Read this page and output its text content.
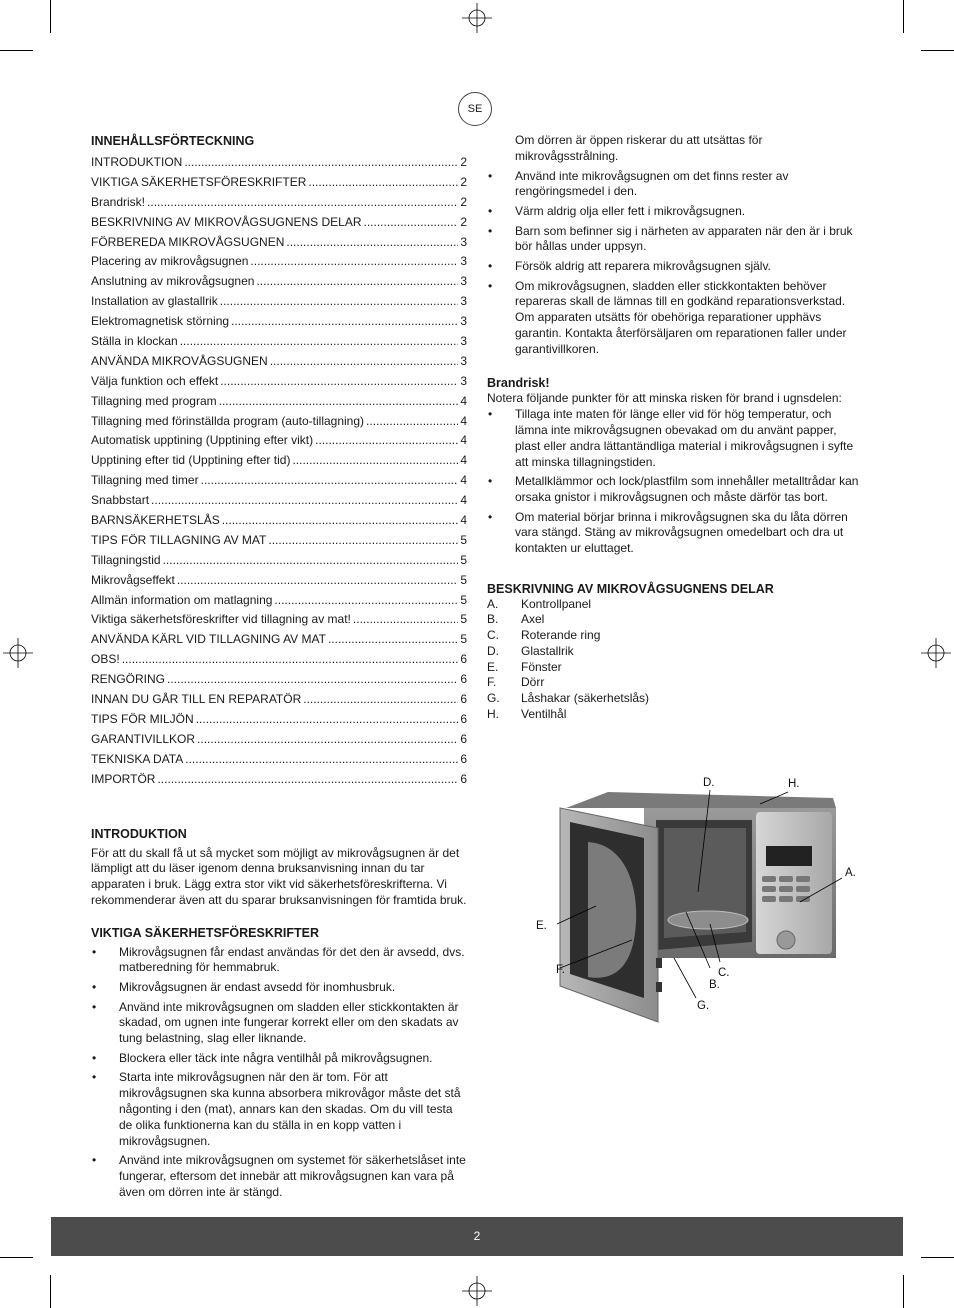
SE
INNEHÅLLSFÖRTECKNING
INTRODUKTION .....	2
VIKTIGA SÄKERHETSFÖRESKRIFTER .....	2
Brandrisk! .....	2
BESKRIVNING AV MIKROVÅGSUGNENS DELAR .....	2
FÖRBEREDA MIKROVÅGSUGNEN .....	3
Placering av mikrovågsugnen .....	3
Anslutning av mikrovågsugnen .....	3
Installation av glastallrik .....	3
Elektromagnetisk störning .....	3
Ställa in klockan .....	3
ANVÄNDA MIKROVÅGSUGNEN .....	3
Välja funktion och effekt .....	3
Tillagning med program .....	4
Tillagning med förinställda program (auto-tillagning) .....	4
Automatisk upptining (Upptining efter vikt) .....	4
Upptining efter tid (Upptining efter tid) .....	4
Tillagning med timer .....	4
Snabbstart .....	4
BARNSÄKERHETSLÅS .....	4
TIPS FÖR TILLAGNING AV MAT .....	5
Tillagningstid .....	5
Mikrovågseffekt .....	5
Allmän information om matlagning .....	5
Viktiga säkerhetsföreskrifter vid tillagning av mat! .....	5
ANVÄNDA KÄRL VID TILLAGNING AV MAT .....	5
OBS! .....	6
RENGÖRING .....	6
INNAN DU GÅR TILL EN REPARATÖR .....	6
TIPS FÖR MILJÖN .....	6
GARANTIVILLKOR .....	6
TEKNISKA DATA .....	6
IMPORTÖR .....	6
INTRODUKTION

För att du skall få ut så mycket som möjligt av mikrovågsugnen är det lämpligt att du läser igenom denna bruksanvisning innan du tar apparaten i bruk. Lägg extra stor vikt vid säkerhetsföreskrifterna. Vi rekommenderar även att du sparar bruksanvisningen för framtida bruk.

VIKTIGA SÄKERHETSFÖRESKRIFTER
• Mikrovågsugnen får endast användas för det den är avsedd, dvs. matberedning för hemmabruk.
• Mikrovågsugnen är endast avsedd för inomhusbruk.
• Använd inte mikrovågsugnen om sladden eller stickkontakten är skadad, om ugnen inte fungerar korrekt eller om den skadats av tung belastning, slag eller liknande.
• Blockera eller täck inte några ventilhål på mikrovågsugnen.
• Starta inte mikrovågsugnen när den är tom. För att mikrovågsugnen ska kunna absorbera mikrovågor måste det stå någonting i den (mat), annars kan den skadas. Om du vill testa de olika funktionerna kan du ställa in en kopp vatten i mikrovågsugnen.
• Använd inte mikrovågsugnen om systemet för säkerhetslåset inte fungerar, eftersom det innebär att mikrovågsugnen kan vara på även om dörren inte är stängd.

Om dörren är öppen riskerar du att utsättas för mikrovågsstrålning.

• Använd inte mikrovågsugnen om det finns rester av rengöringsmedel i den.
• Värm aldrig olja eller fett i mikrovågsugnen.
• Barn som befinner sig i närheten av apparaten när den är i bruk bör hållas under uppsyn.
• Försök aldrig att reparera mikrovågsugnen själv.
• Om mikrovågsugnen, sladden eller stickkontakten behöver repareras skall de lämnas till en godkänd reparationsverkstad. Om apparaten utsätts för obehöriga reparationer upphävs garantin. Kontakta återförsäljaren om reparationen faller under garantivillkoren.
Brandrisk!

Notera följande punkter för att minska risken för brand i ugnsdelen:

• Tillaga inte maten för länge eller vid för hög temperatur, och lämna inte mikrovågsugnen obevakad om du använt papper, plast eller andra lättantändliga material i mikrovågsugnen i syfte att minska tillagningstiden.
• Metallklämmor och lock/plastfilm som innehåller metalltrådar kan orsaka gnistor i mikrovågsugnen och måste därför tas bort.
• Om material börjar brinna i mikrovågsugnen ska du låta dörren vara stängd. Stäng av mikrovågsugnen omedelbart och dra ut kontakten ur eluttaget.
BESKRIVNING AV MIKROVÅGSUGNENS DELAR
A.	Kontrollpanel
B.	Axel
C.	Roterande ring
D.	Glastallrik
E.	Fönster
F.	Dörr
G.	Låshakar (säkerhetslås)
H.	Ventilhål
D.	H.
A.
E.
F.	C.
B.
G.
2
